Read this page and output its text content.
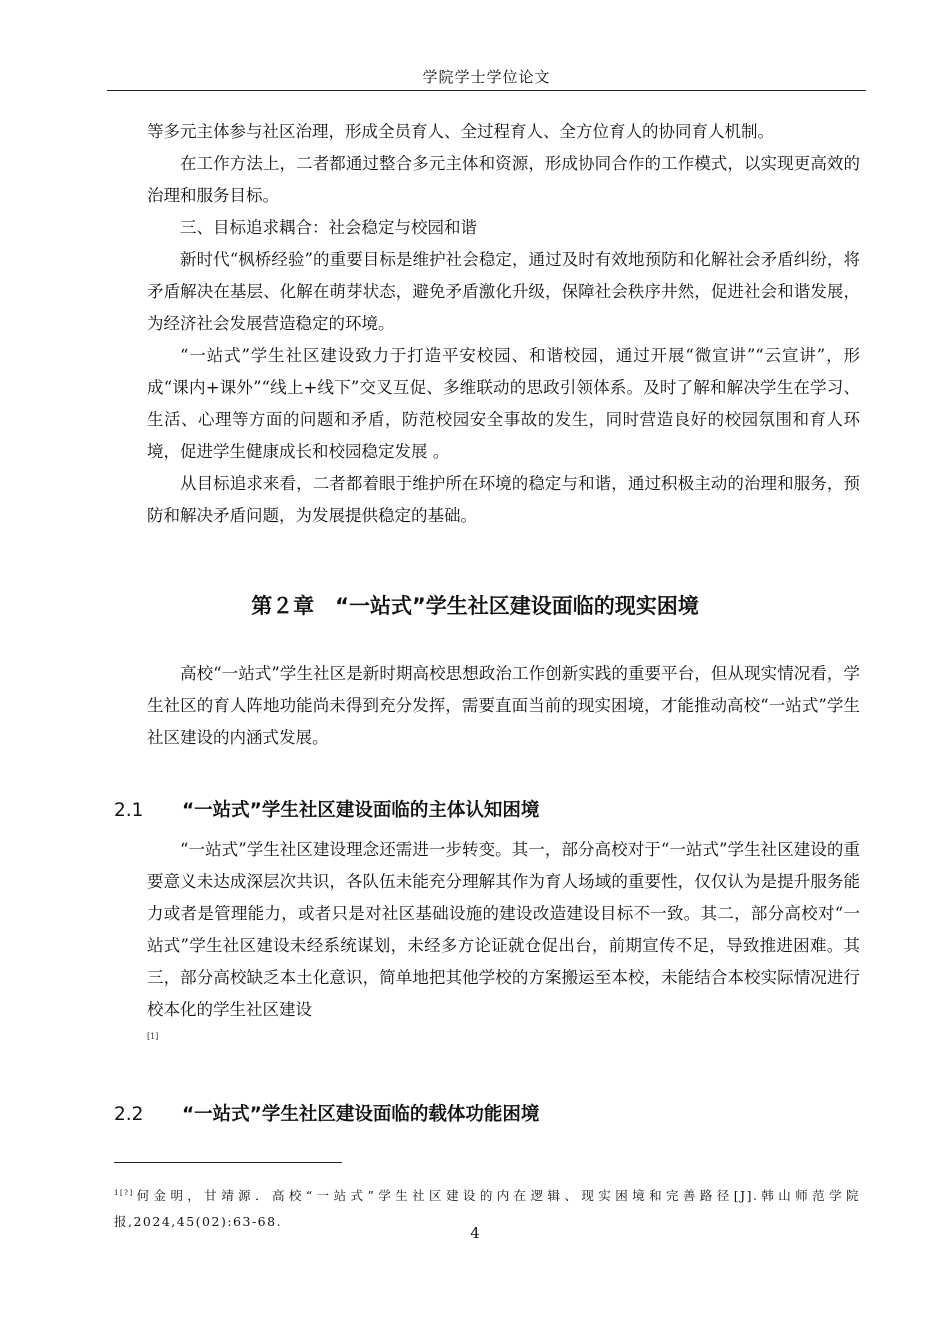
学院学士学位论文

等多元主体参与社区治理，形成全员育人、全过程育人、全方位育人的协同育人机制。

在工作方法上，二者都通过整合多元主体和资源，形成协同合作的工作模式，以实现更高效的治理和服务目标。

三、目标追求耦合：社会稳定与校园和谐

新时代“枫桥经验”的重要目标是维护社会稳定，通过及时有效地预防和化解社会矛盾纠纷，将矛盾解决在基层、化解在萌芽状态，避免矛盾激化升级，保障社会秩序井然，促进社会和谐发展，为经济社会发展营造稳定的环境。

“一站式”学生社区建设致力于打造平安校园、和谐校园，通过开展“微宣讲”“云宣讲”，形成“课内+课外”“线上+线下”交叉互促、多维联动的思政引领体系。及时了解和解决学生在学习、生活、心理等方面的问题和矛盾，防范校园安全事故的发生，同时营造良好的校园氛围和育人环境，促进学生健康成长和校园稳定发展 。

从目标追求来看，二者都着眼于维护所在环境的稳定与和谐，通过积极主动的治理和服务，预防和解决矛盾问题，为发展提供稳定的基础。

第２章　“一站式”学生社区建设面临的现实困境

高校“一站式”学生社区是新时期高校思想政治工作创新实践的重要平台，但从现实情况看，学生社区的育人阵地功能尚未得到充分发挥，需要直面当前的现实困境，才能推动高校“一站式”学生社区建设的内涵式发展。

2.1 “一站式”学生社区建设面临的主体认知困境

“一站式”学生社区建设理念还需进一步转变。其一，部分高校对于“一站式”学生社区建设的重要意义未达成深层次共识，各队伍未能充分理解其作为育人场域的重要性，仅仅认为是提升服务能力或者是管理能力，或者只是对社区基础设施的建设改造建设目标不一致。其二，部分高校对“一站式”学生社区建设未经系统谋划，未经多方论证就仓促出台，前期宣传不足，导致推进困难。其三，部分高校缺乏本土化意识，简单地把其他学校的方案搬运至本校，未能结合本校实际情况进行校本化的学生社区建设

[1]
2.2 “一站式”学生社区建设面临的载体功能困境

$^{1[?]}$何金明，甘靖源．高校“一站式”学生社区建设的内在逻辑、现实困境和完善路径[J].韩山师范学院报,2024,45(02):63-68.

4
